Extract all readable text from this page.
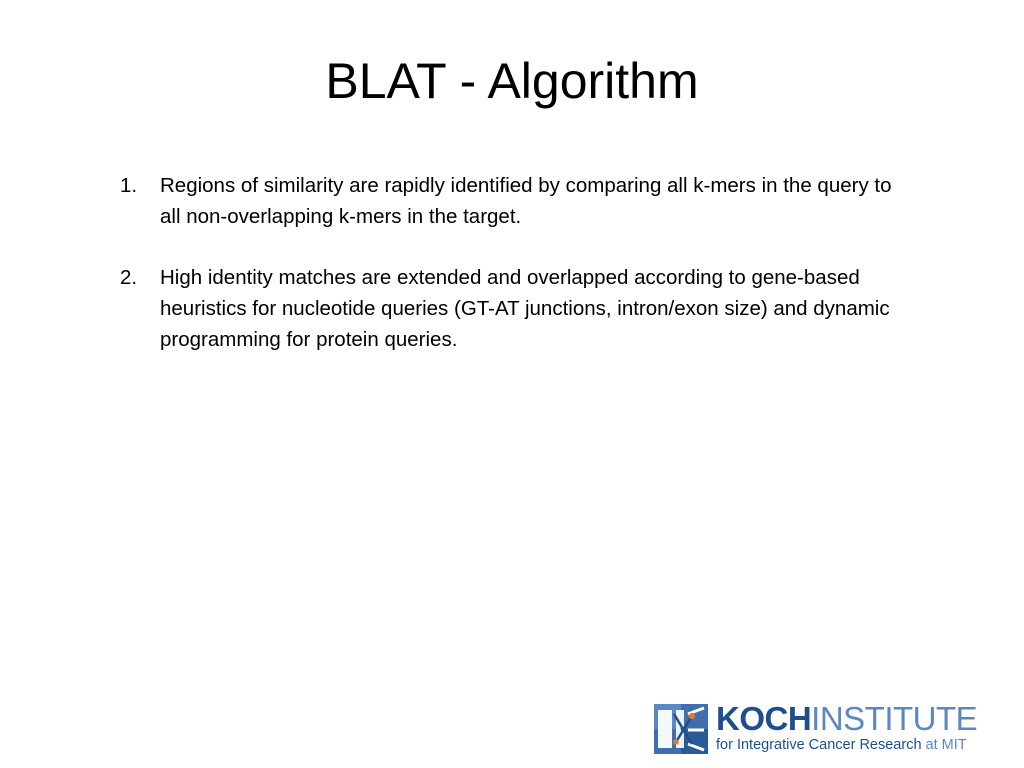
BLAT - Algorithm
1.	Regions of similarity are rapidly identified by comparing all k-mers in the query to all non-overlapping k-mers in the target.
2.	High identity matches are extended and overlapped according to gene-based heuristics for nucleotide queries (GT-AT junctions, intron/exon size) and dynamic programming for protein queries.
KOCHINSTITUTE
for Integrative Cancer Research at MIT
